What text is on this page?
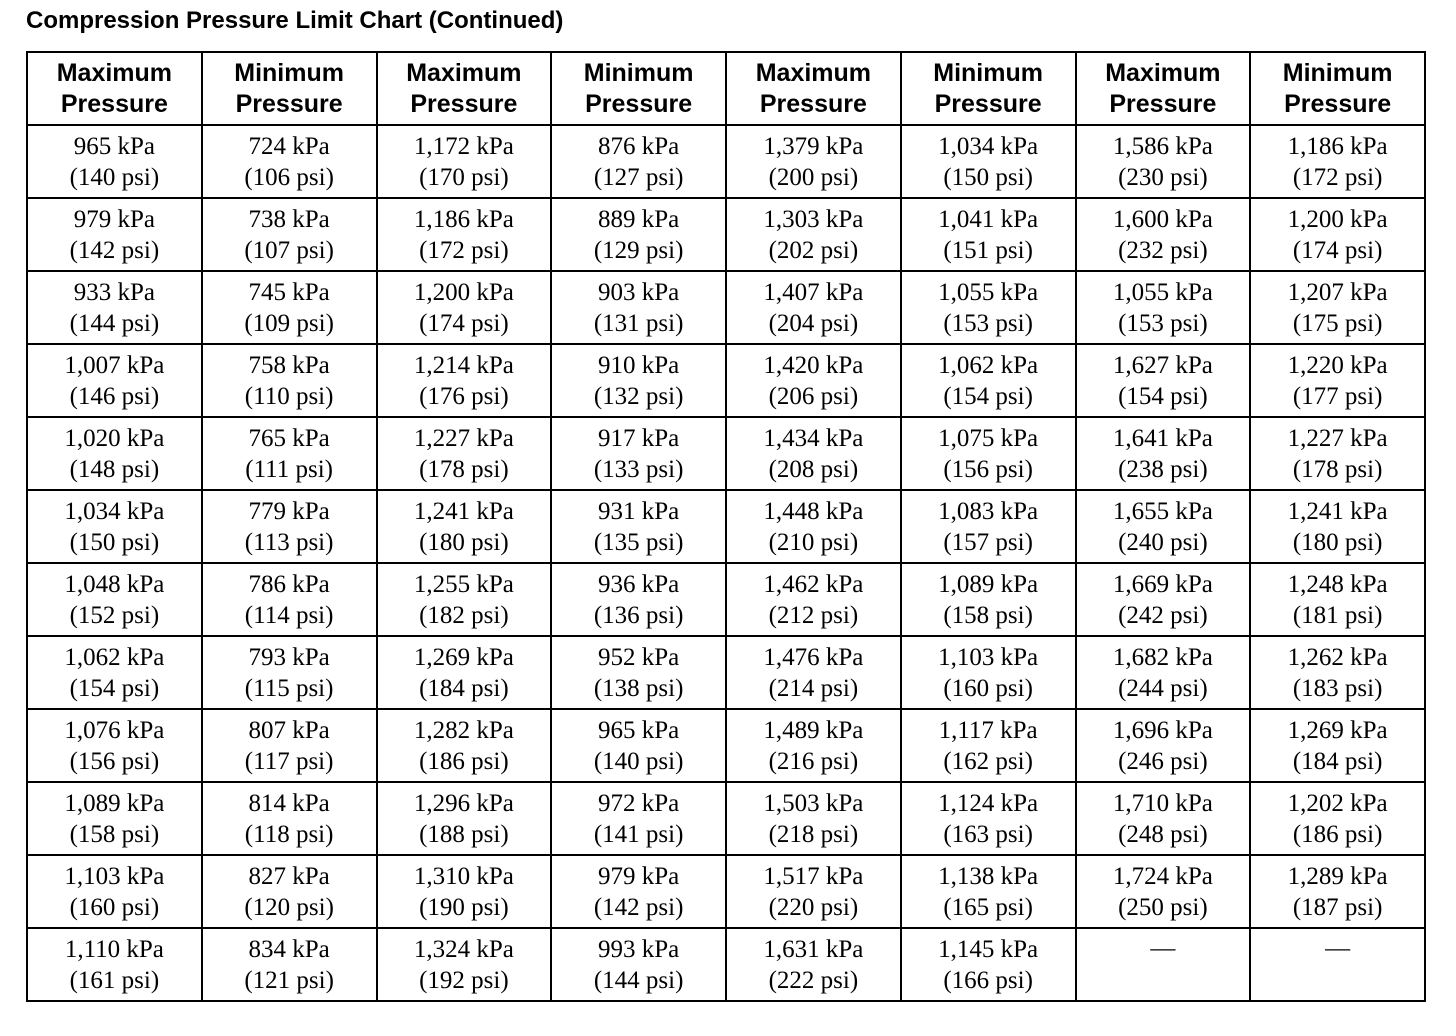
Compression Pressure Limit Chart (Continued)
Maximum
Pressure	Minimum
Pressure	Maximum
Pressure	Minimum
Pressure	Maximum
Pressure	Minimum
Pressure	Maximum
Pressure	Minimum
Pressure

965 kPa
(140 psi)	724 kPa
(106 psi)	1,172 kPa
(170 psi)	876 kPa
(127 psi)	1,379 kPa
(200 psi)	1,034 kPa
(150 psi)	1,586 kPa
(230 psi)	1,186 kPa
(172 psi)

979 kPa
(142 psi)	738 kPa
(107 psi)	1,186 kPa
(172 psi)	889 kPa
(129 psi)	1,303 kPa
(202 psi)	1,041 kPa
(151 psi)	1,600 kPa
(232 psi)	1,200 kPa
(174 psi)

933 kPa
(144 psi)	745 kPa
(109 psi)	1,200 kPa
(174 psi)	903 kPa
(131 psi)	1,407 kPa
(204 psi)	1,055 kPa
(153 psi)	1,055 kPa
(153 psi)	1,207 kPa
(175 psi)

1,007 kPa
(146 psi)	758 kPa
(110 psi)	1,214 kPa
(176 psi)	910 kPa
(132 psi)	1,420 kPa
(206 psi)	1,062 kPa
(154 psi)	1,627 kPa
(154 psi)	1,220 kPa
(177 psi)

1,020 kPa
(148 psi)	765 kPa
(111 psi)	1,227 kPa
(178 psi)	917 kPa
(133 psi)	1,434 kPa
(208 psi)	1,075 kPa
(156 psi)	1,641 kPa
(238 psi)	1,227 kPa
(178 psi)

1,034 kPa
(150 psi)	779 kPa
(113 psi)	1,241 kPa
(180 psi)	931 kPa
(135 psi)	1,448 kPa
(210 psi)	1,083 kPa
(157 psi)	1,655 kPa
(240 psi)	1,241 kPa
(180 psi)

1,048 kPa
(152 psi)	786 kPa
(114 psi)	1,255 kPa
(182 psi)	936 kPa
(136 psi)	1,462 kPa
(212 psi)	1,089 kPa
(158 psi)	1,669 kPa
(242 psi)	1,248 kPa
(181 psi)

1,062 kPa
(154 psi)	793 kPa
(115 psi)	1,269 kPa
(184 psi)	952 kPa
(138 psi)	1,476 kPa
(214 psi)	1,103 kPa
(160 psi)	1,682 kPa
(244 psi)	1,262 kPa
(183 psi)

1,076 kPa
(156 psi)	807 kPa
(117 psi)	1,282 kPa
(186 psi)	965 kPa
(140 psi)	1,489 kPa
(216 psi)	1,117 kPa
(162 psi)	1,696 kPa
(246 psi)	1,269 kPa
(184 psi)

1,089 kPa
(158 psi)	814 kPa
(118 psi)	1,296 kPa
(188 psi)	972 kPa
(141 psi)	1,503 kPa
(218 psi)	1,124 kPa
(163 psi)	1,710 kPa
(248 psi)	1,202 kPa
(186 psi)

1,103 kPa
(160 psi)	827 kPa
(120 psi)	1,310 kPa
(190 psi)	979 kPa
(142 psi)	1,517 kPa
(220 psi)	1,138 kPa
(165 psi)	1,724 kPa
(250 psi)	1,289 kPa
(187 psi)

1,110 kPa
(161 psi)	834 kPa
(121 psi)	1,324 kPa
(192 psi)	993 kPa
(144 psi)	1,631 kPa
(222 psi)	1,145 kPa
(166 psi)	—	—
